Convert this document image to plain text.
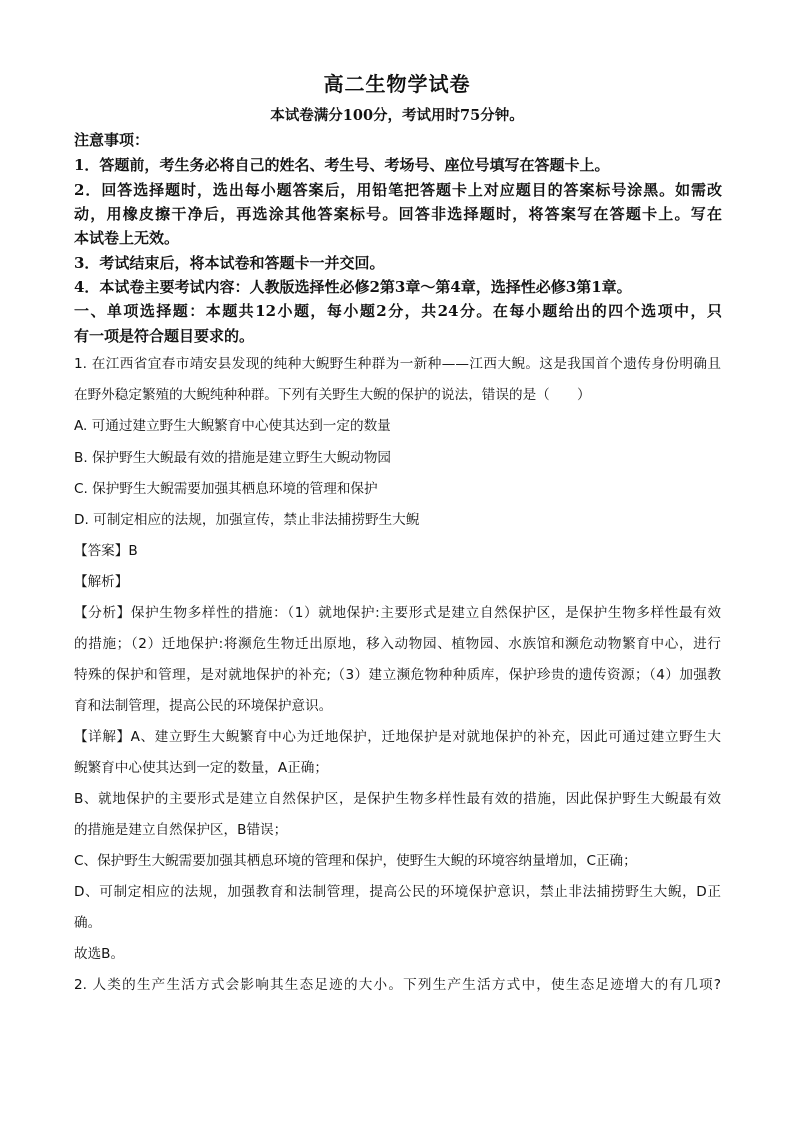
高二生物学试卷
本试卷满分100分，考试用时75分钟。
注意事项：
1．答题前，考生务必将自己的姓名、考生号、考场号、座位号填写在答题卡上。
2．回答选择题时，选出每小题答案后，用铅笔把答题卡上对应题目的答案标号涂黑。如需改
动，用橡皮擦干净后，再选涂其他答案标号。回答非选择题时，将答案写在答题卡上。写在
本试卷上无效。
3．考试结束后，将本试卷和答题卡一并交回。
4．本试卷主要考试内容：人教版选择性必修2第3章～第4章，选择性必修3第1章。
一、单项选择题：本题共12小题，每小题2分，共24分。在每小题给出的四个选项中，只
有一项是符合题目要求的。
1. 在江西省宜春市靖安县发现的纯种大鲵野生种群为一新种——江西大鲵。这是我国首个遗传身份明确且
在野外稳定繁殖的大鲵纯种种群。下列有关野生大鲵的保护的说法，错误的是（　　）
A. 可通过建立野生大鲵繁育中心使其达到一定的数量
B. 保护野生大鲵最有效的措施是建立野生大鲵动物园
C. 保护野生大鲵需要加强其栖息环境的管理和保护
D. 可制定相应的法规，加强宣传，禁止非法捕捞野生大鲵
【答案】B
【解析】
【分析】保护生物多样性的措施：（1）就地保护:主要形式是建立自然保护区，是保护生物多样性最有效
的措施；（2）迁地保护:将濒危生物迁出原地，移入动物园、植物园、水族馆和濒危动物繁育中心，进行
特殊的保护和管理，是对就地保护的补充;（3）建立濒危物种种质库，保护珍贵的遗传资源；（4）加强教
育和法制管理，提高公民的环境保护意识。
【详解】A、建立野生大鲵繁育中心为迁地保护，迁地保护是对就地保护的补充，因此可通过建立野生大
鲵繁育中心使其达到一定的数量，A正确；
B、就地保护的主要形式是建立自然保护区，是保护生物多样性最有效的措施，因此保护野生大鲵最有效
的措施是建立自然保护区，B错误；
C、保护野生大鲵需要加强其栖息环境的管理和保护，使野生大鲵的环境容纳量增加，C正确；
D、可制定相应的法规，加强教育和法制管理，提高公民的环境保护意识，禁止非法捕捞野生大鲵，D正
确。
故选B。
2. 人类的生产生活方式会影响其生态足迹的大小。下列生产生活方式中，使生态足迹增大的有几项?
